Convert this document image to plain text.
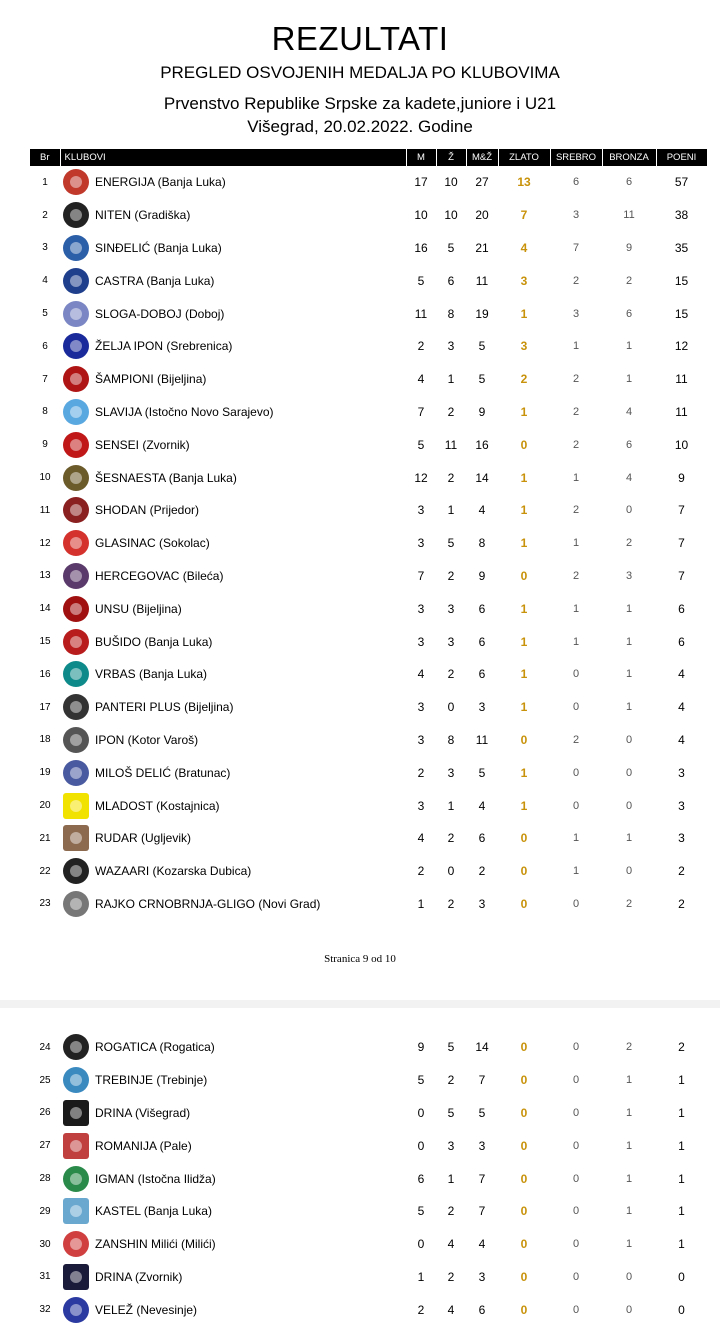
REZULTATI
PREGLED OSVOJENIH MEDALJA PO KLUBOVIMA
Prvenstvo Republike Srpske za kadete,juniore i U21
Višegrad, 20.02.2022. Godine
Br	KLUBOVI	M	Ž	M&Ž	ZLATO	SREBRO	BRONZA	POENI
1	ENERGIJA (Banja Luka)	17	10	27	13	6	6	57
2	NITEN (Gradiška)	10	10	20	7	3	11	38
3	SINĐELIĆ (Banja Luka)	16	5	21	4	7	9	35
4	CASTRA (Banja Luka)	5	6	11	3	2	2	15
5	SLOGA-DOBOJ (Doboj)	11	8	19	1	3	6	15
6	ŽELJA IPON (Srebrenica)	2	3	5	3	1	1	12
7	ŠAMPIONI (Bijeljina)	4	1	5	2	2	1	11
8	SLAVIJA (Istočno Novo Sarajevo)	7	2	9	1	2	4	11
9	SENSEI (Zvornik)	5	11	16	0	2	6	10
10	ŠESNAESTA (Banja Luka)	12	2	14	1	1	4	9
11	SHODAN (Prijedor)	3	1	4	1	2	0	7
12	GLASINAC (Sokolac)	3	5	8	1	1	2	7
13	HERCEGOVAC (Bileća)	7	2	9	0	2	3	7
14	UNSU (Bijeljina)	3	3	6	1	1	1	6
15	BUŠIDO (Banja Luka)	3	3	6	1	1	1	6
16	VRBAS (Banja Luka)	4	2	6	1	0	1	4
17	PANTERI PLUS (Bijeljina)	3	0	3	1	0	1	4
18	IPON (Kotor Varoš)	3	8	11	0	2	0	4
19	MILOŠ DELIĆ (Bratunac)	2	3	5	1	0	0	3
20	MLADOST (Kostajnica)	3	1	4	1	0	0	3
21	RUDAR (Ugljevik)	4	2	6	0	1	1	3
22	WAZAARI (Kozarska Dubica)	2	0	2	0	1	0	2
23	RAJKO CRNOBRNJA-GLIGO (Novi Grad)	1	2	3	0	0	2	2
Stranica 9 od 10
24	ROGATICA (Rogatica)	9	5	14	0	0	2	2
25	TREBINJE (Trebinje)	5	2	7	0	0	1	1
26	DRINA (Višegrad)	0	5	5	0	0	1	1
27	ROMANIJA (Pale)	0	3	3	0	0	1	1
28	IGMAN (Istočna Ilidža)	6	1	7	0	0	1	1
29	KASTEL (Banja Luka)	5	2	7	0	0	1	1
30	ZANSHIN Milići (Milići)	0	4	4	0	0	1	1
31	DRINA (Zvornik)	1	2	3	0	0	0	0
32	VELEŽ (Nevesinje)	2	4	6	0	0	0	0
